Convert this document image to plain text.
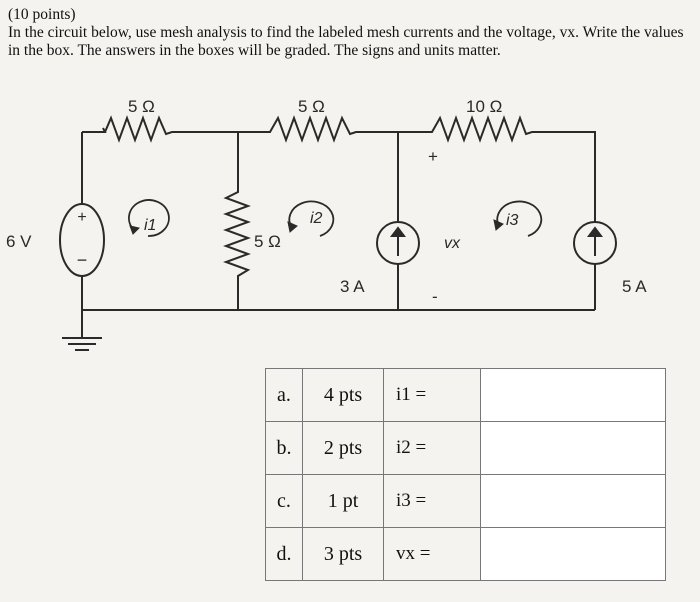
(10 points)

In the circuit below, use mesh analysis to find the labeled mesh currents and the voltage, vx. Write the values in the box. The answers in the boxes will be graded. The signs and units matter.

+
−
5 Ω	5 Ω	10 Ω
5 Ω
6 V
3 A	5 A
i1	i2	i3
vx
+
-
a.	4 pts	i1 =	
b.	2 pts	i2 =	
c.	1 pt	i3 =	
d.	3 pts	vx =	
